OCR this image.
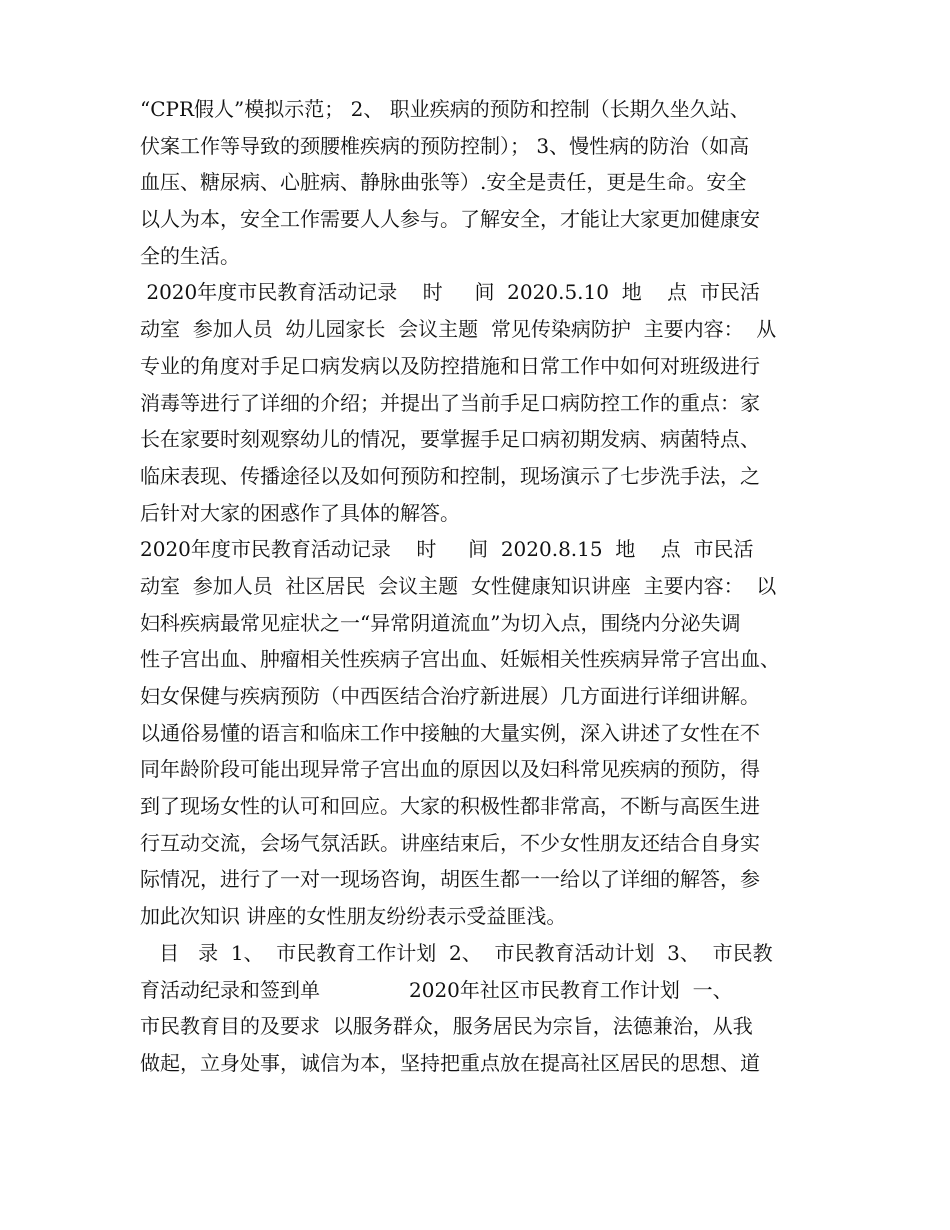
“CPR假人”模拟示范； 2、 职业疾病的预防和控制（长期久坐久站、
伏案工作等导致的颈腰椎疾病的预防控制）； 3、慢性病的防治（如高
血压、糖尿病、心脏病、静脉曲张等）.安全是责任，更是生命。安全
以人为本，安全工作需要人人参与。了解安全，才能让大家更加健康安
全的生活。
2020年度市民教育活动记录    时     间  2020.5.10  地    点  市民活
动室  参加人员  幼儿园家长  会议主题  常见传染病防护  主要内容：  从
专业的角度对手足口病发病以及防控措施和日常工作中如何对班级进行
消毒等进行了详细的介绍；并提出了当前手足口病防控工作的重点：家
长在家要时刻观察幼儿的情况，要掌握手足口病初期发病、病菌特点、
临床表现、传播途径以及如何预防和控制，现场演示了七步洗手法，之
后针对大家的困惑作了具体的解答。
2020年度市民教育活动记录    时     间  2020.8.15  地    点  市民活
动室  参加人员  社区居民  会议主题  女性健康知识讲座  主要内容：  以
妇科疾病最常见症状之一“异常阴道流血”为切入点，围绕内分泌失调
性子宫出血、肿瘤相关性疾病子宫出血、妊娠相关性疾病异常子宫出血、
妇女保健与疾病预防（中西医结合治疗新进展）几方面进行详细讲解。
以通俗易懂的语言和临床工作中接触的大量实例，深入讲述了女性在不
同年龄阶段可能出现异常子宫出血的原因以及妇科常见疾病的预防，得
到了现场女性的认可和回应。大家的积极性都非常高，不断与高医生进
行互动交流，会场气氛活跃。讲座结束后，不少女性朋友还结合自身实
际情况，进行了一对一现场咨询，胡医生都一一给以了详细的解答，参
加此次知识 讲座的女性朋友纷纷表示受益匪浅。
目   录  1、  市民教育工作计划  2、  市民教育活动计划  3、  市民教
育活动纪录和签到单              2020年社区市民教育工作计划  一、
市民教育目的及要求  以服务群众，服务居民为宗旨，法德兼治，从我
做起，立身处事，诚信为本，坚持把重点放在提高社区居民的思想、道
